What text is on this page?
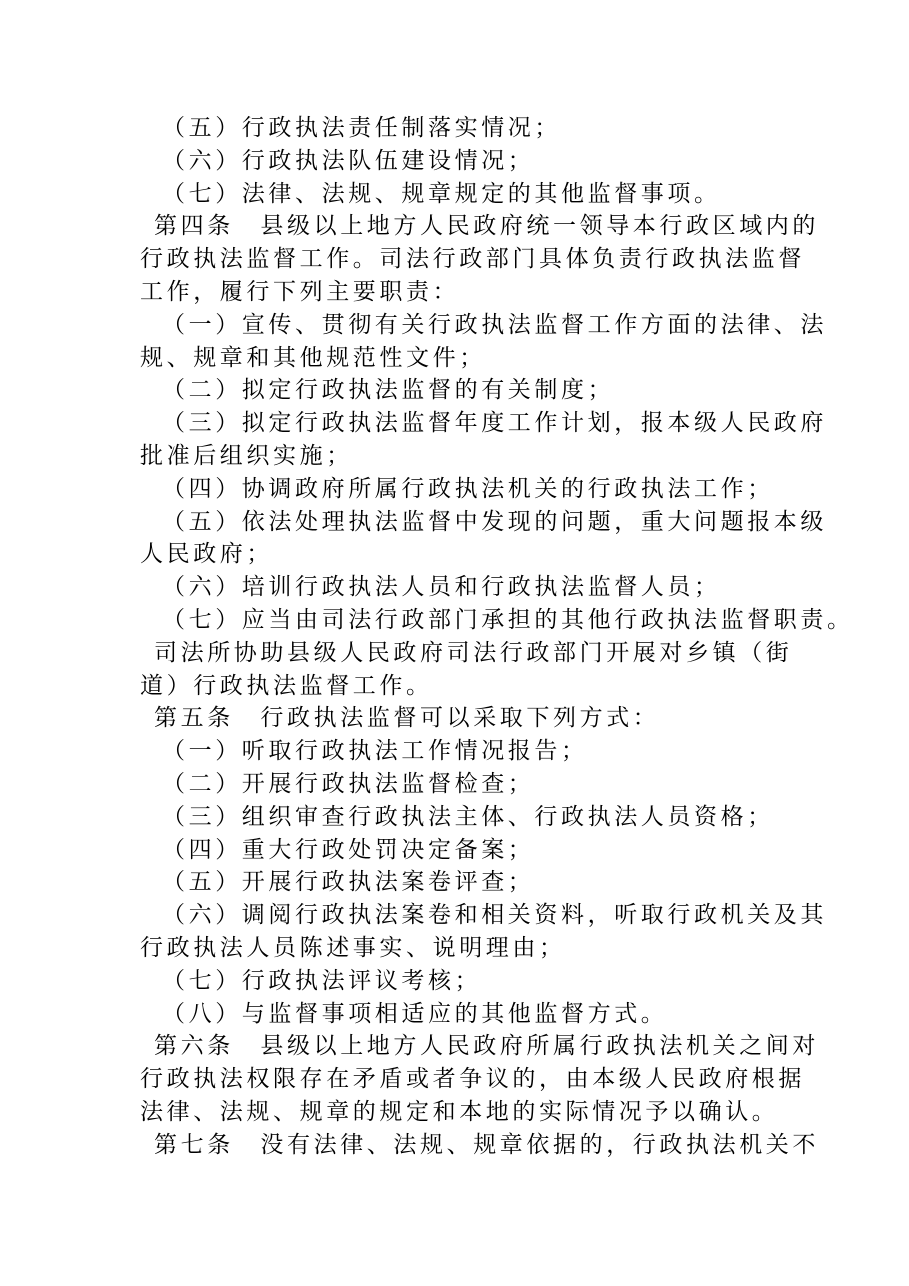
（五）行政执法责任制落实情况；
（六）行政执法队伍建设情况；
（七）法律、法规、规章规定的其他监督事项。
第四条　县级以上地方人民政府统一领导本行政区域内的
行政执法监督工作。司法行政部门具体负责行政执法监督
工作，履行下列主要职责：
（一）宣传、贯彻有关行政执法监督工作方面的法律、法
规、规章和其他规范性文件；
（二）拟定行政执法监督的有关制度；
（三）拟定行政执法监督年度工作计划，报本级人民政府
批准后组织实施；
（四）协调政府所属行政执法机关的行政执法工作；
（五）依法处理执法监督中发现的问题，重大问题报本级
人民政府；
（六）培训行政执法人员和行政执法监督人员；
（七）应当由司法行政部门承担的其他行政执法监督职责。
司法所协助县级人民政府司法行政部门开展对乡镇（街
道）行政执法监督工作。
第五条　行政执法监督可以采取下列方式：
（一）听取行政执法工作情况报告；
（二）开展行政执法监督检查；
（三）组织审查行政执法主体、行政执法人员资格；
（四）重大行政处罚决定备案；
（五）开展行政执法案卷评查；
（六）调阅行政执法案卷和相关资料，听取行政机关及其
行政执法人员陈述事实、说明理由；
（七）行政执法评议考核；
（八）与监督事项相适应的其他监督方式。
第六条　县级以上地方人民政府所属行政执法机关之间对
行政执法权限存在矛盾或者争议的，由本级人民政府根据
法律、法规、规章的规定和本地的实际情况予以确认。
第七条　没有法律、法规、规章依据的，行政执法机关不
